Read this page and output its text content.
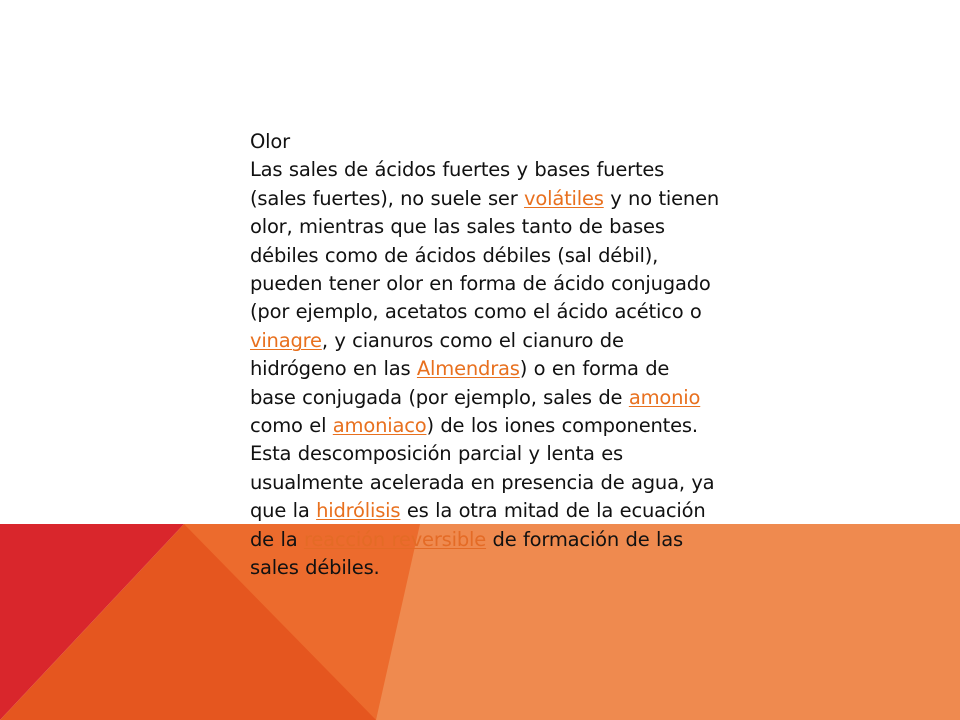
Olor
Las sales de ácidos fuertes y bases fuertes (sales fuertes), no suele ser volátiles y no tienen olor, mientras que las sales tanto de bases débiles como de ácidos débiles (sal débil), pueden tener olor en forma de ácido conjugado (por ejemplo, acetatos como el ácido acético o vinagre, y cianuros como el cianuro de hidrógeno en las Almendras) o en forma de base conjugada (por ejemplo, sales de amonio como el amoniaco) de los iones componentes. Esta descomposición parcial y lenta es usualmente acelerada en presencia de agua, ya que la hidrólisis es la otra mitad de la ecuación de la reacción reversible de formación de las sales débiles.
